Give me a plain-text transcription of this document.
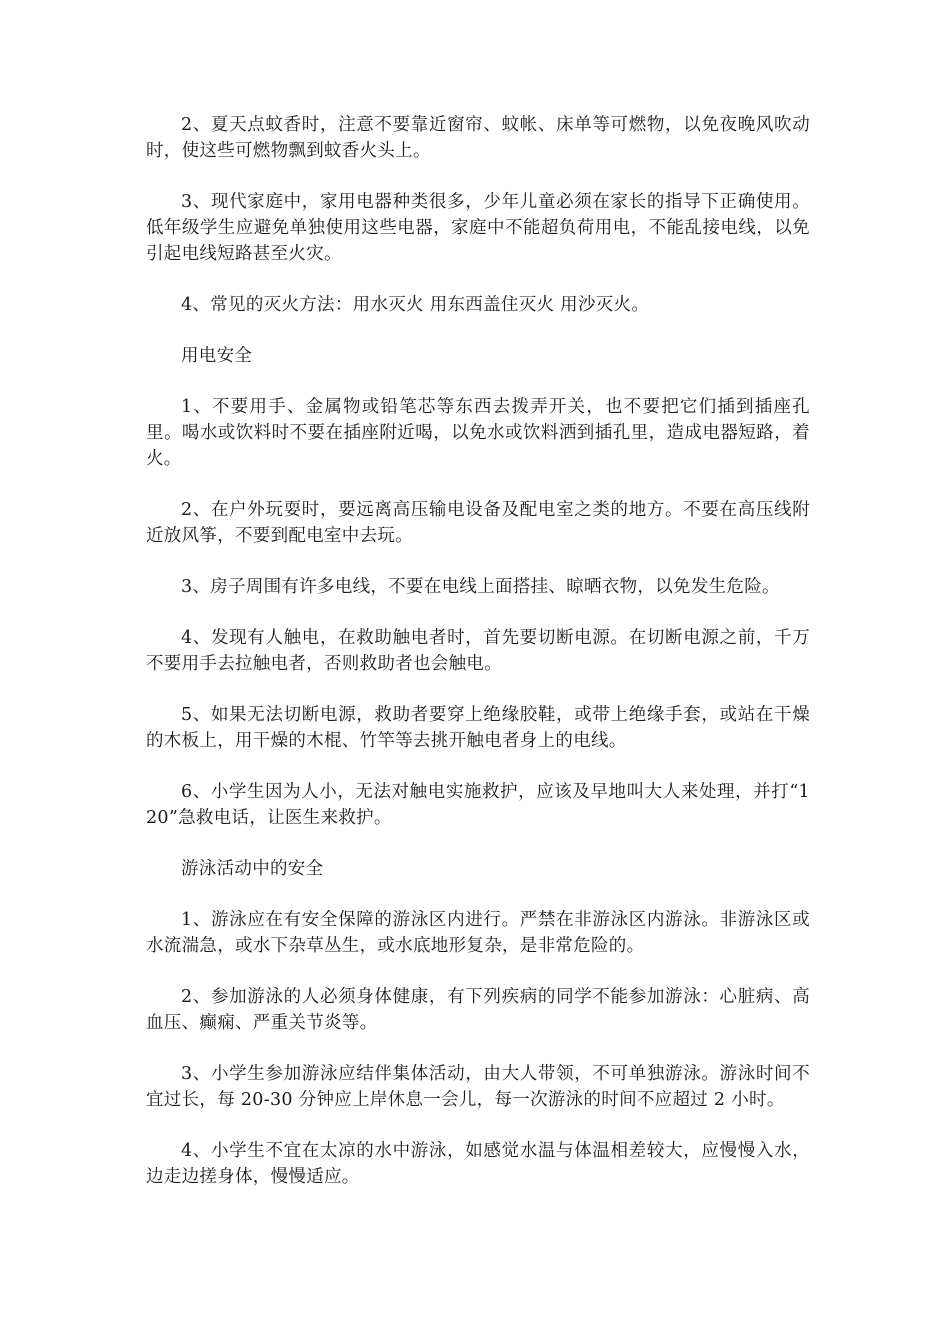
2、夏天点蚊香时，注意不要靠近窗帘、蚊帐、床单等可燃物，以免夜晚风吹动时，使这些可燃物飘到蚊香火头上。

3、现代家庭中，家用电器种类很多，少年儿童必须在家长的指导下正确使用。低年级学生应避免单独使用这些电器，家庭中不能超负荷用电，不能乱接电线，以免引起电线短路甚至火灾。

4、常见的灭火方法：用水灭火 用东西盖住灭火 用沙灭火。

用电安全

1、不要用手、金属物或铅笔芯等东西去拨弄开关，也不要把它们插到插座孔里。喝水或饮料时不要在插座附近喝，以免水或饮料洒到插孔里，造成电器短路，着火。

2、在户外玩耍时，要远离高压输电设备及配电室之类的地方。不要在高压线附近放风筝，不要到配电室中去玩。

3、房子周围有许多电线，不要在电线上面搭挂、晾晒衣物，以免发生危险。

4、发现有人触电，在救助触电者时，首先要切断电源。在切断电源之前，千万不要用手去拉触电者，否则救助者也会触电。

5、如果无法切断电源，救助者要穿上绝缘胶鞋，或带上绝缘手套，或站在干燥的木板上，用干燥的木棍、竹竿等去挑开触电者身上的电线。

6、小学生因为人小，无法对触电实施救护，应该及早地叫大人来处理，并打“120”急救电话，让医生来救护。

游泳活动中的安全

1、游泳应在有安全保障的游泳区内进行。严禁在非游泳区内游泳。非游泳区或水流湍急，或水下杂草丛生，或水底地形复杂，是非常危险的。

2、参加游泳的人必须身体健康，有下列疾病的同学不能参加游泳：心脏病、高血压、癫痫、严重关节炎等。

3、小学生参加游泳应结伴集体活动，由大人带领，不可单独游泳。游泳时间不宜过长，每 20-30 分钟应上岸休息一会儿，每一次游泳的时间不应超过 2 小时。

4、小学生不宜在太凉的水中游泳，如感觉水温与体温相差较大，应慢慢入水，边走边搓身体，慢慢适应。
